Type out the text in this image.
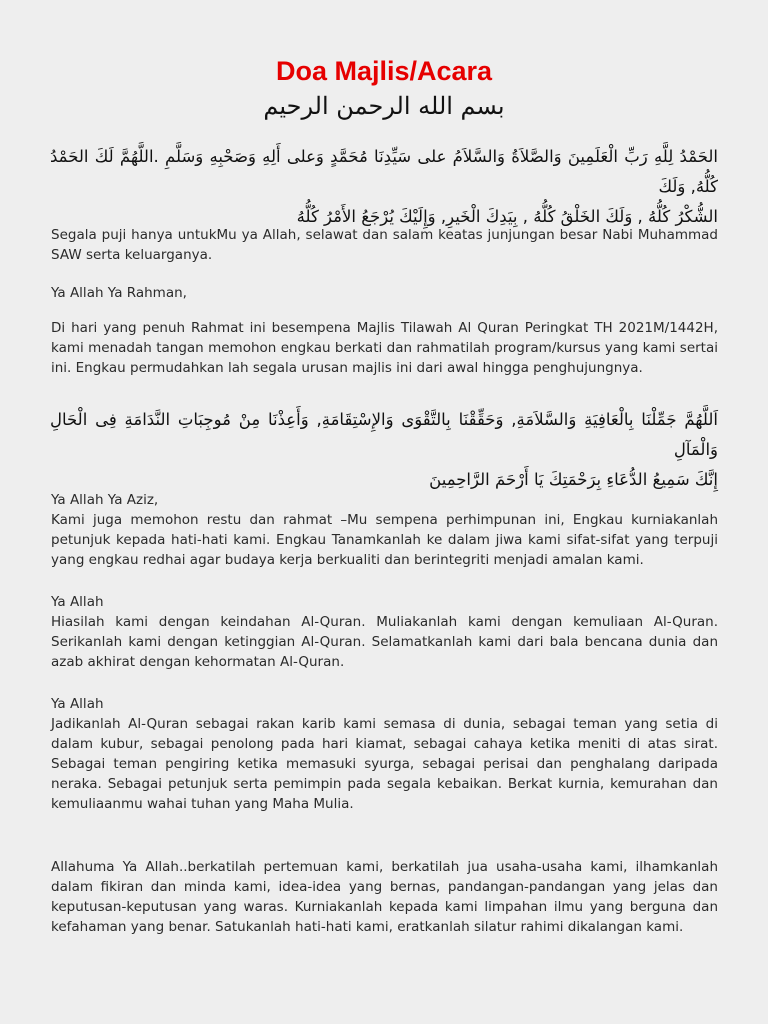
Doa Majlis/Acara
بسم الله الرحمن الرحيم

الحَمْدُ لِلَّهِ رَبِّ الْعَلَمِينَ وَالصَّلاَةُ وَالسَّلاَمُ على سَيِّدِنَا مُحَمَّدٍ وَعلى أَلِهِ وَصَحْبِهِ وَسَلَّمِ .اللَّهُمَّ لَكَ الحَمْدُ كُلُّهُ, وَلَكَ

الشُّكْرُ كُلُّهُ , وَلَكَ الخَلْقُ كُلُّهُ , بِيَدِكَ الْخَيرِ, وَإِلَيْكَ يُرْجَعُ الأَمْرُ كُلُّهُ

Segala puji hanya untukMu ya Allah, selawat dan salam keatas junjungan besar Nabi Muhammad SAW serta keluarganya.
Ya Allah Ya Rahman,
Di hari yang penuh Rahmat ini besempena Majlis Tilawah Al Quran Peringkat TH 2021M/1442H, kami menadah tangan memohon engkau berkati dan rahmatilah program/kursus yang kami sertai ini. Engkau permudahkan lah segala urusan majlis ini dari awal hingga penghujungnya.

اَللَّهُمَّ جَمِّلْنَا بِالْعَافِيَةِ وَالسَّلاَمَةِ, وَحَقِّقْنَا بِالتَّقْوَى وَالإِسْتِقَامَةِ, وَأَعِذْنَا مِنْ مُوجِبَاتِ النَّدَامَةِ فِى الْحَالِ وَالْمَآلِ

إِنَّكَ سَمِيعُ الدُّعَاءِ بِرَحْمَتِكَ يَا أَرْحَمَ الرَّاحِمِينَ

Ya Allah Ya Aziz,

Kami juga memohon restu dan rahmat –Mu sempena perhimpunan ini, Engkau kurniakanlah petunjuk kepada hati-hati kami. Engkau Tanamkanlah ke dalam jiwa kami sifat-sifat yang terpuji yang engkau redhai agar budaya kerja berkualiti dan berintegriti menjadi amalan kami.

Ya Allah

Hiasilah kami dengan keindahan Al-Quran. Muliakanlah kami dengan kemuliaan Al-Quran. Serikanlah kami dengan ketinggian Al-Quran. Selamatkanlah kami dari bala bencana dunia dan azab akhirat dengan kehormatan Al-Quran.

Ya Allah

Jadikanlah Al-Quran sebagai rakan karib kami semasa di dunia, sebagai teman yang setia di dalam kubur, sebagai penolong pada hari kiamat, sebagai cahaya ketika meniti di atas sirat. Sebagai teman pengiring ketika memasuki syurga, sebagai perisai dan penghalang daripada neraka. Sebagai petunjuk serta pemimpin pada segala kebaikan. Berkat kurnia, kemurahan dan kemuliaanmu wahai tuhan yang Maha Mulia.

Allahuma Ya Allah..berkatilah pertemuan kami, berkatilah jua usaha-usaha kami, ilhamkanlah dalam fikiran dan minda kami, idea-idea yang bernas, pandangan-pandangan yang jelas dan keputusan-keputusan yang waras. Kurniakanlah kepada kami limpahan ilmu yang berguna dan kefahaman yang benar. Satukanlah hati-hati kami, eratkanlah silatur rahimi dikalangan kami.
